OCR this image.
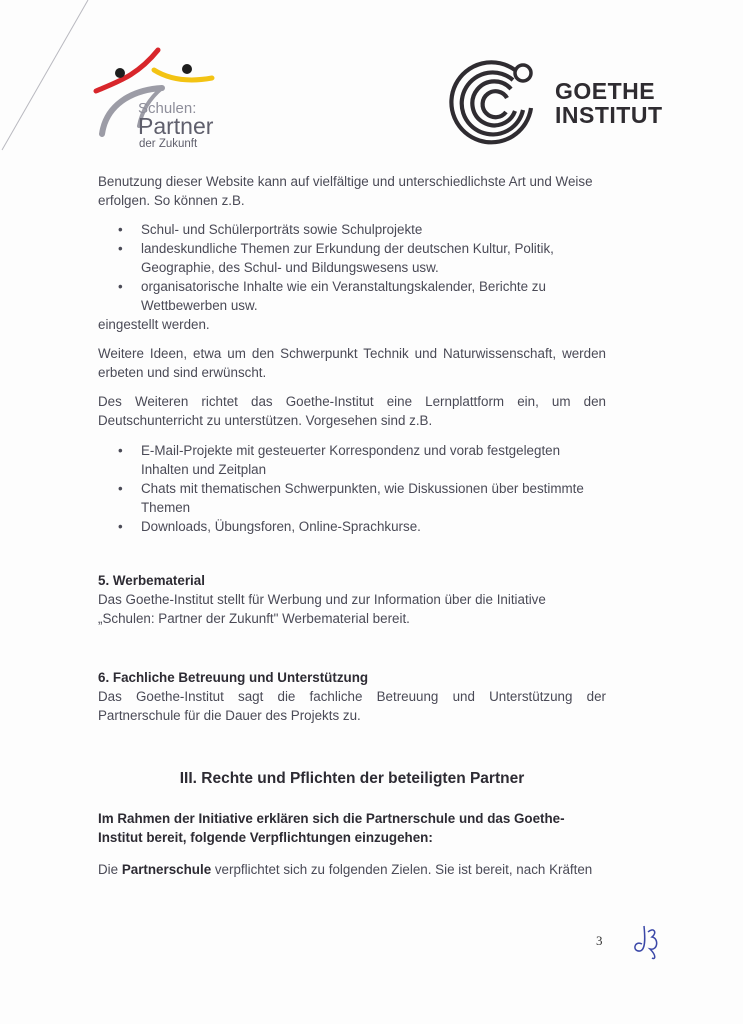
Schulen:
Partner
der Zukunft
GOETHE
INSTITUT

Benutzung dieser Website kann auf vielfältige und unterschiedlichste Art und Weise erfolgen. So können z.B.

• Schul- und Schülerporträts sowie Schulprojekte
• landeskundliche Themen zur Erkundung der deutschen Kultur, Politik, Geographie, des Schul- und Bildungswesens usw.
• organisatorische Inhalte wie ein Veranstaltungskalender, Berichte zu Wettbewerben usw.

eingestellt werden.

Weitere Ideen, etwa um den Schwerpunkt Technik und Naturwissenschaft, werden erbeten und sind erwünscht.

Des Weiteren richtet das Goethe-Institut eine Lernplattform ein, um den Deutschunterricht zu unterstützen. Vorgesehen sind z.B.

• E-Mail-Projekte mit gesteuerter Korrespondenz und vorab festgelegten Inhalten und Zeitplan
• Chats mit thematischen Schwerpunkten, wie Diskussionen über bestimmte Themen
• Downloads, Übungsforen, Online-Sprachkurse.
5. Werbematerial

Das Goethe-Institut stellt für Werbung und zur Information über die Initiative „Schulen: Partner der Zukunft" Werbematerial bereit.

6. Fachliche Betreuung und Unterstützung

Das Goethe-Institut sagt die fachliche Betreuung und Unterstützung der Partnerschule für die Dauer des Projekts zu.

III. Rechte und Pflichten der beteiligten Partner

Im Rahmen der Initiative erklären sich die Partnerschule und das Goethe-Institut bereit, folgende Verpflichtungen einzugehen:

Die Partnerschule verpflichtet sich zu folgenden Zielen. Sie ist bereit, nach Kräften

3
